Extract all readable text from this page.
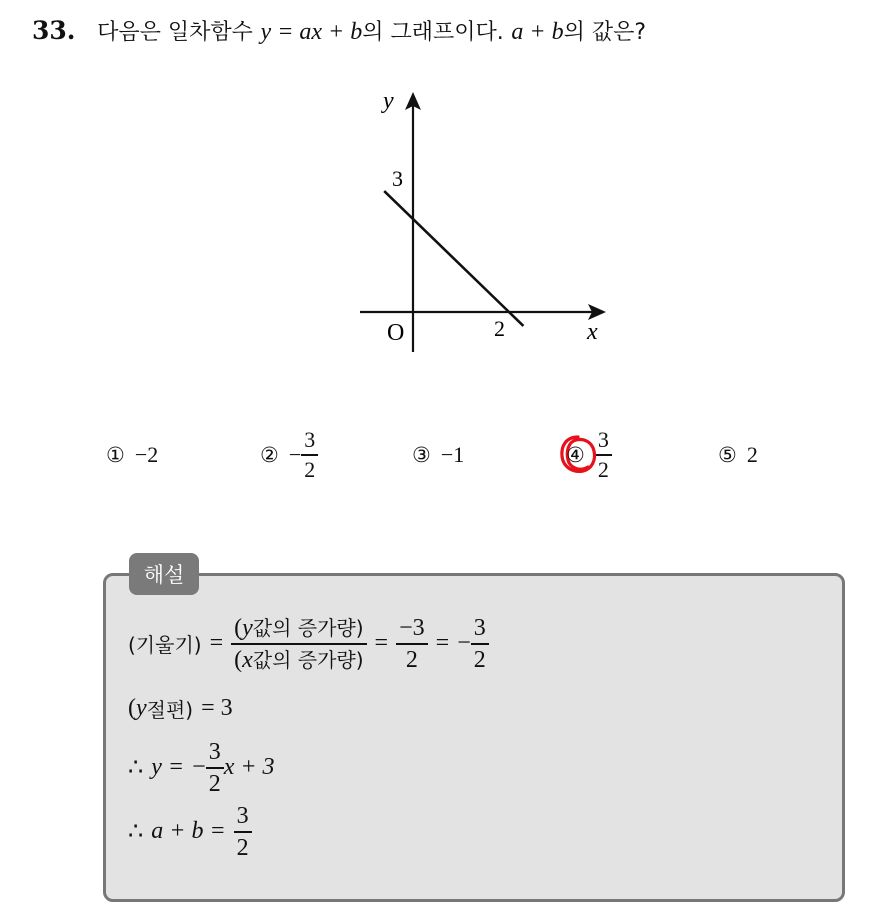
33. 다음은 일차함수 y = ax + b의 그래프이다. a + b의 값은?
y
x
O
3
2
① −2	② − $\frac{3}{2}$	③ −1	④ $\frac{3}{2}$	⑤ 2
해설
(기울기) = $\frac{\text{(y값의 증가량)}}{\text{(x값의 증가량)}} = \frac{-3}{2}$ = − $\frac{3}{2}$
( y 절편) = 3
∴ y = − $\frac{3}{2}$ x + 3
∴ $a + b = \frac{3}{2}$
